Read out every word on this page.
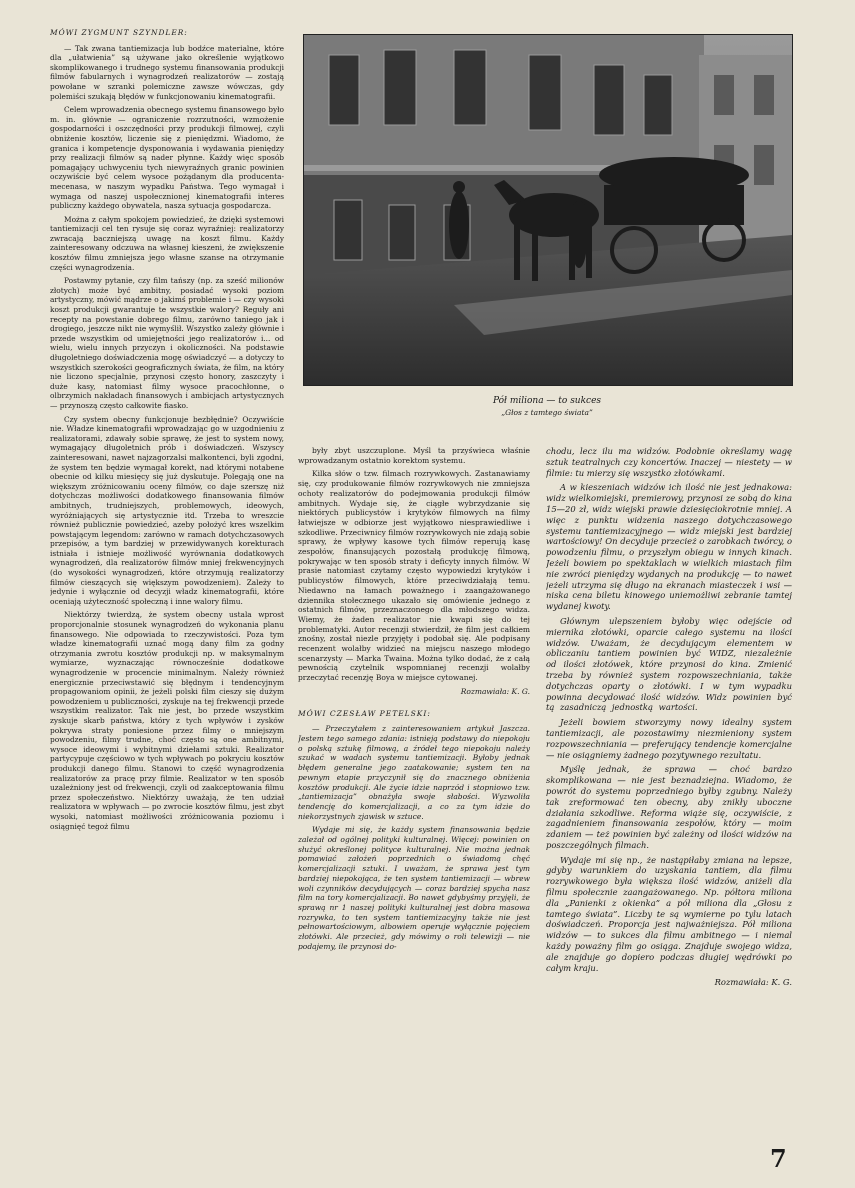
MÓWI ZYGMUNT SZYNDLER:

— Tak zwana tantiemizacja lub bodźce materialne, które dla „ułatwienia” są używane jako określenie wyjątkowo skomplikowanego i trudnego systemu finansowania produkcji filmów fabularnych i wynagrodzeń realizatorów — zostają powołane w szranki polemiczne zawsze wówczas, gdy polemiści szukają błędów w funkcjonowaniu kinematografii.

Celem wprowadzenia obecnego systemu finansowego było m. in. głównie — ograniczenie rozrzutności, wzmożenie gospodarności i oszczędności przy produkcji filmowej, czyli obniżenie kosztów, liczenie się z pieniędzmi. Wiadomo, że granica i kompetencje dysponowania i wydawania pieniędzy przy realizacji filmów są nader płynne. Każdy więc sposób pomagający uchwyceniu tych niewyraźnych granic powinien oczywiście być celem wysoce pożądanym dla producenta-mecenasa, w naszym wypadku Państwa. Tego wymagał i wymaga od naszej uspołecznionej kinematografii interes publiczny każdego obywatela, nasza sytuacja gospodarcza.

Można z całym spokojem powiedzieć, że dzięki systemowi tantiemizacji cel ten rysuje się coraz wyraźniej: realizatorzy zwracają baczniejszą uwagę na koszt filmu. Każdy zainteresowany odczuwa na własnej kieszeni, że zwiększenie kosztów filmu zmniejsza jego własne szanse na otrzymanie części wynagrodzenia.

Postawmy pytanie, czy film tańszy (np. za sześć milionów złotych) może być ambitny, posiadać wysoki poziom artystyczny, mówić mądrze o jakimś problemie i — czy wysoki koszt produkcji gwarantuje te wszystkie walory? Reguły ani recepty na powstanie dobrego filmu, zarówno taniego jak i drogiego, jeszcze nikt nie wymyślił. Wszystko zależy głównie i przede wszystkim od umiejętności jego realizatorów i... od wielu, wielu innych przyczyn i okoliczności. Na podstawie długoletniego doświadczenia mogę oświadczyć — a dotyczy to wszystkich szerokości geograficznych świata, że film, na który nie liczono specjalnie, przynosi często honory, zaszczyty i duże kasy, natomiast filmy wysoce pracochłonne, o olbrzymich nakładach finansowych i ambicjach artystycznych — przynoszą często całkowite fiasko.

Czy system obecny funkcjonuje bezbłędnie? Oczywiście nie. Władze kinematografii wprowadzając go w uzgodnieniu z realizatorami, zdawały sobie sprawę, że jest to system nowy, wymagający długoletnich prób i doświadczeń. Wszyscy zainteresowani, nawet najzagorzalsi malkontenci, byli zgodni, że system ten będzie wymagał korekt, nad którymi notabene obecnie od kilku miesięcy się już dyskutuje. Polegają one na większym zróżnicowaniu oceny filmów, co daje szerszę niż dotychczas możliwości dodatkowego finansowania filmów ambitnych, trudniejszych, problemowych, ideowych, wyróżniających się artystycznie itd. Trzeba to wreszcie również publicznie powiedzieć, azeby położyć kres wszelkim powstającym legendom: zarówno w ramach dotychczasowych przepisów, a tym bardziej w przewidywanych korekturach istniała i istnieje możliwość wyrównania dodatkowych wynagrodzeń, dla realizatorów filmów mniej frekwencyjnych (do wysokości wynagrodzeń, które otrzymują realizatorzy filmów cieszących się większym powodzeniem). Zależy to jedynie i wyłącznie od decyzji władz kinematografii, które oceniają użyteczność społeczną i inne walory filmu.

Niektórzy twierdzą, że system obecny ustala wprost proporcjonalnie stosunek wynagrodzeń do wykonania planu finansowego. Nie odpowiada to rzeczywistości. Poza tym władze kinematografii uznać mogą dany film za godny otrzymania zwrotu kosztów produkcji np. w maksymalnym wymiarze, wyznaczając równocześnie dodatkowe wynagrodzenie w procencie minimalnym. Należy również energicznie przeciwstawić się błędnym i tendencyjnym propagowaniom opinii, że jeżeli polski film cieszy się dużym powodzeniem u publiczności, zyskuje na tej frekwencji przede wszystkim realizator. Tak nie jest, bo przede wszystkim zyskuje skarb państwa, który z tych wpływów i zysków pokrywa straty poniesione przez filmy o mniejszym powodzeniu, filmy trudne, choć często są one ambitnymi, wysoce ideowymi i wybitnymi dziełami sztuki. Realizator partycypuje częściowo w tych wpływach po pokryciu kosztów produkcji danego filmu. Stanowi to część wynagrodzenia realizatorów za pracę przy filmie. Realizator w ten sposób uzależniony jest od frekwencji, czyli od zaakceptowania filmu przez społeczeństwo. Niektórzy uważają, że ten udział realizatora w wpływach — po zwrocie kosztów filmu, jest zbyt wysoki, natomiast możliwości zróżnicowania poziomu i osiągnięć tegoż filmu

Pół miliona — to sukces
„Głos z tamtego świata”

były zbyt uszczuplone. Myśl ta przyświeca właśnie wprowadzanym ostatnio korektom systemu.

Kilka słów o tzw. filmach rozrywkowych. Zastanawiamy się, czy produkowanie filmów rozrywkowych nie zmniejsza ochoty realizatorów do podejmowania produkcji filmów ambitnych. Wydaje się, że ciągłe wybrzydzanie się niektórych publicystów i krytyków filmowych na filmy łatwiejsze w odbiorze jest wyjątkowo niesprawiedliwe i szkodliwe. Przeciwnicy filmów rozrywkowych nie zdają sobie sprawy, że wpływy kasowe tych filmów reperują kasę zespołów, finansujących pozostałą produkcję filmową, pokrywając w ten sposób straty i deficyty innych filmów. W prasie natomiast czytamy często wypowiedzi krytyków i publicystów filmowych, które przeciwdziałają temu. Niedawno na łamach poważnego i zaangażowanego dziennika stołecznego ukazało się omówienie jednego z ostatnich filmów, przeznaczonego dla młodszego widza. Wiemy, że żaden realizator nie kwapi się do tej problematyki. Autor recenzji stwierdził, że film jest całkiem znośny, został niezle przyjęty i podobał się. Ale podpisany recenzent wolałby widzieć na miejscu naszego młodego scenarzysty — Marka Twaina. Można tylko dodać, że z całą pewnością czytelnik wspomnianej recenzji wolałby przeczytać recenzję Boya w miejsce cytowanej.

Rozmawiała: K. G.

MÓWI CZESŁAW PETELSKI:

— Przeczytałem z zainteresowaniem artykuł Jaszcza. Jestem tego samego zdania: istnieją podstawy do niepokoju o polską sztukę filmową, a źródeł tego niepokoju należy szukać w wadach systemu tantiemizacji. Byłoby jednak błędem generalne jego zaatakowanie; system ten na pewnym etapie przyczynił się do znacznego obniżenia kosztów produkcji. Ale życie idzie naprzód i stopniowo tzw. „tantiemizacja” obnażyła swoje słabości. Wyzwoliła tendencję do komercjalizacji, a co za tym idzie do niekorzystnych zjawisk w sztuce.

Wydaje mi się, że każdy system finansowania będzie zależał od ogólnej polityki kulturalnej. Więcej: powinien on służyć określonej polityce kulturalnej. Nie można jednak pomawiać założeń poprzednich o świadomą chęć komercjalizacji sztuki. I uważam, że sprawa jest tym bardziej niepokojąca, że ten system tantiemizacji — wbrew woli czynników decydujących — coraz bardziej spycha nasz film na tory komercjalizacji. Bo nawet gdybyśmy przyjęli, że sprawą nr 1 naszej polityki kulturalnej jest dobra masowa rozrywka, to ten system tantiemizacyjny także nie jest pełnowartościowym, albowiem operuje wyłącznie pojęciem złotówki. Ale przecież, gdy mówimy o roli telewizji — nie podajemy, ile przynosi do-

chodu, lecz ilu ma widzów. Podobnie określamy wagę sztuk teatralnych czy koncertów. Inaczej — niestety — w filmie: tu mierzy się wszystko złotówkami.

A w kieszeniach widzów ich ilość nie jest jednakowa: widz wielkomiejski, premierowy, przynosi ze sobą do kina 15—20 zł, widz wiejski prawie dziesięciokrotnie mniej. A więc z punktu widzenia naszego dotychczasowego systemu tantiemizacyjnego — widz miejski jest bardziej wartościowy! On decyduje przecież o zarobkach twórcy, o powodzeniu filmu, o przyszłym obiegu w innych kinach. Jeżeli bowiem po spektaklach w wielkich miastach film nie zwróci pieniędzy wydanych na produkcję — to nawet jeżeli utrzyma się długo na ekranach miasteczek i wsi — niska cena biletu kinowego uniemożliwi zebranie tamtej wydanej kwoty.

Głównym ulepszeniem byłoby więc odejście od miernika złotówki, oparcie całego systemu na ilości widzów. Uważam, że decydującym elementem w obliczaniu tantiem powinien być WIDZ, niezależnie od ilości złotówek, które przynosi do kina. Zmienić trzeba by również system rozpowszechniania, także dotychczas oparty o złotówki. I w tym wypadku powinna decydować ilość widzów. Widz powinien być tą zasadniczą jednostką wartości.

Jeżeli bowiem stworzymy nowy idealny system tantiemizacji, ale pozostawimy niezmieniony system rozpowszechniania — preferujący tendencje komercjalne — nie osiągniemy żadnego pozytywnego rezultatu.

Myślę jednak, że sprawa — choć bardzo skomplikowana — nie jest beznadziejna. Wiadomo, że powrót do systemu poprzedniego byłby zgubny. Należy tak zreformować ten obecny, aby znikły uboczne działania szkodliwe. Reforma wiąże się, oczywiście, z zagadnieniem finansowania zespołów, który — moim zdaniem — też powinien być zależny od ilości widzów na poszczególnych filmach.

Wydaje mi się np., że nastąpiłaby zmiana na lepsze, gdyby warunkiem do uzyskania tantiem, dla filmu rozrywkowego była większa ilość widzów, aniżeli dla filmu społecznie zaangażowanego. Np. półtora miliona dla „Panienki z okienka” a pół miliona dla „Głosu z tamtego świata”. Liczby te są wymierne po tylu latach doświadczeń. Proporcja jest najważniejsza. Pół miliona widzów — to sukces dla filmu ambitnego — i niemal każdy poważny film go osiąga. Znajduje swojego widza, ale znajduje go dopiero podczas długiej wędrówki po całym kraju.

Rozmawiała: K. G.

7
